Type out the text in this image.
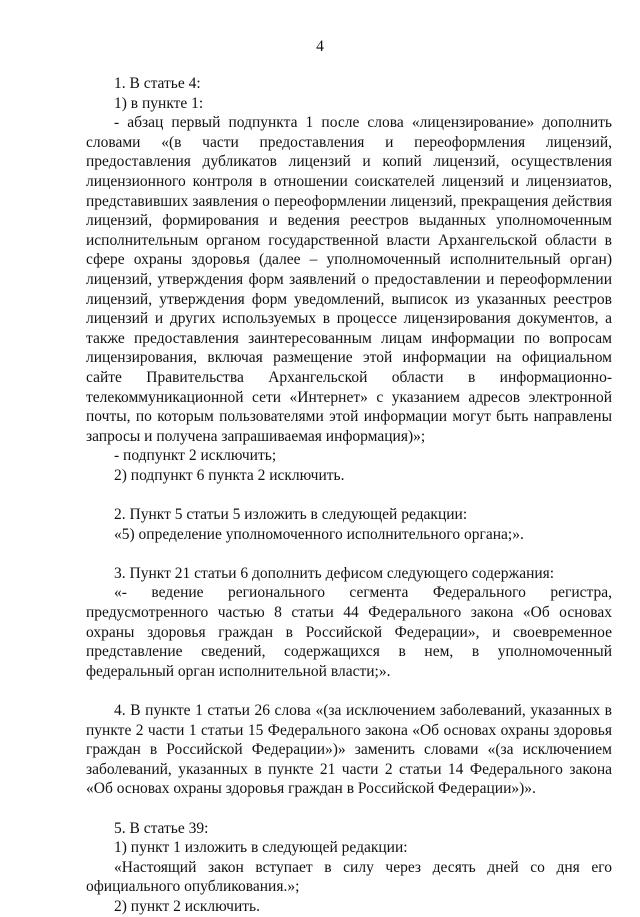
4

1. В статье 4:

1) в пункте 1:

- абзац первый подпункта 1 после слова «лицензирование» дополнить словами «(в части предоставления и переоформления лицензий, предоставления дубликатов лицензий и копий лицензий, осуществления лицензионного контроля в отношении соискателей лицензий и лицензиатов, представивших заявления о переоформлении лицензий, прекращения действия лицензий, формирования и ведения реестров выданных уполномоченным исполнительным органом государственной власти Архангельской области в сфере охраны здоровья (далее – уполномоченный исполнительный орган) лицензий, утверждения форм заявлений о предоставлении и переоформлении лицензий, утверждения форм уведомлений, выписок из указанных реестров лицензий и других используемых в процессе лицензирования документов, а также предоставления заинтересованным лицам информации по вопросам лицензирования, включая размещение этой информации на официальном сайте Правительства Архангельской области в информационно-телекоммуникационной сети «Интернет» с указанием адресов электронной почты, по которым пользователями этой информации могут быть направлены запросы и получена запрашиваемая информация)»;

- подпункт 2 исключить;

2) подпункт 6 пункта 2 исключить.

2. Пункт 5 статьи 5 изложить в следующей редакции:

«5) определение уполномоченного исполнительного органа;».

3. Пункт 21 статьи 6 дополнить дефисом следующего содержания:

«- ведение регионального сегмента Федерального регистра, предусмотренного частью 8 статьи 44 Федерального закона «Об основах охраны здоровья граждан в Российской Федерации», и своевременное представление сведений, содержащихся в нем, в уполномоченный федеральный орган исполнительной власти;».

4. В пункте 1 статьи 26 слова «(за исключением заболеваний, указанных в пункте 2 части 1 статьи 15 Федерального закона «Об основах охраны здоровья граждан в Российской Федерации»)» заменить словами «(за исключением заболеваний, указанных в пункте 21 части 2 статьи 14 Федерального закона «Об основах охраны здоровья граждан в Российской Федерации»)».

5. В статье 39:

1) пункт 1 изложить в следующей редакции:

«Настоящий закон вступает в силу через десять дней со дня его официального опубликования.»;

2) пункт 2 исключить.
